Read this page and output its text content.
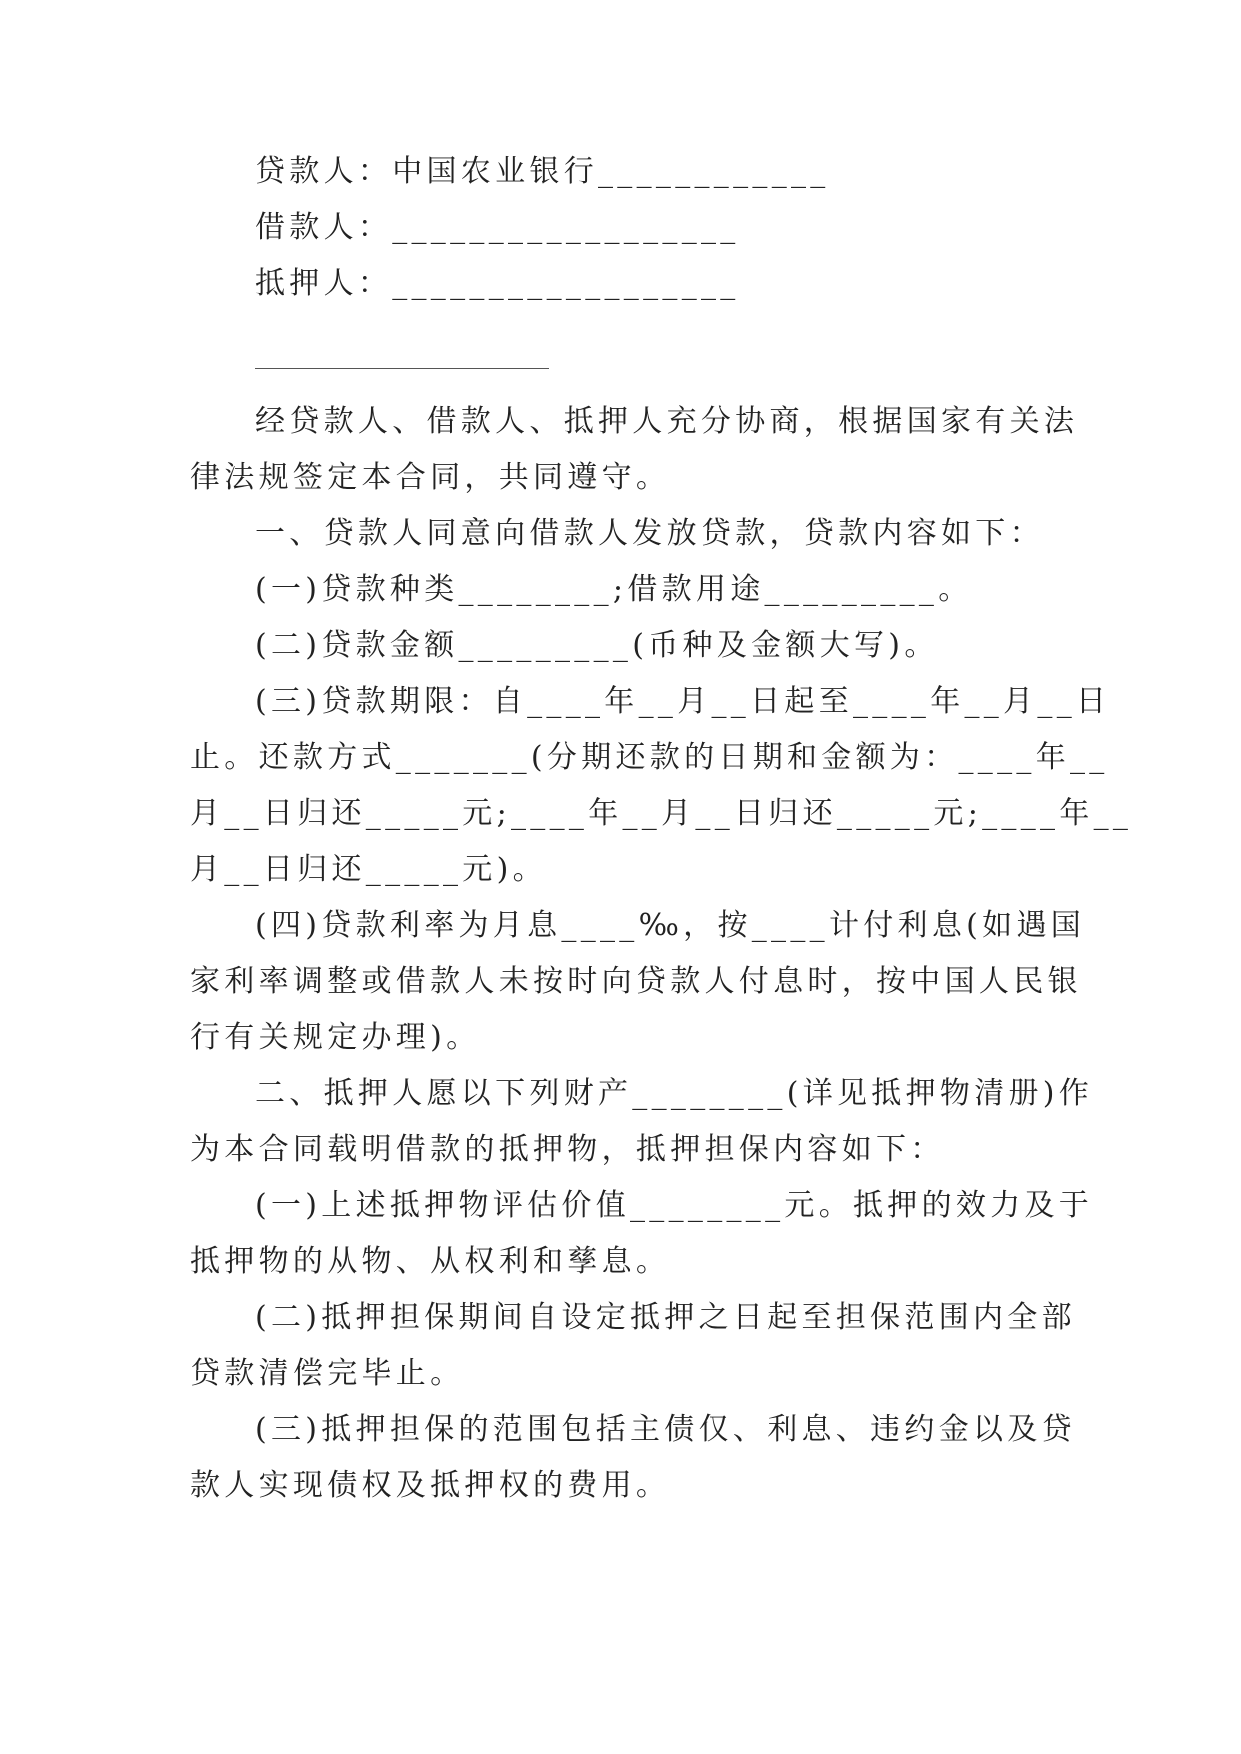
贷款人：中国农业银行____________
借款人：__________________
抵押人：__________________
经贷款人、借款人、抵押人充分协商，根据国家有关法
律法规签定本合同，共同遵守。
一、贷款人同意向借款人发放贷款，贷款内容如下：
(一)贷款种类________;借款用途_________。
(二)贷款金额_________(币种及金额大写)。
(三)贷款期限：自____年__月__日起至____年__月__日
止。还款方式_______(分期还款的日期和金额为：____年__
月__日归还_____元;____年__月__日归还_____元;____年__
月__日归还_____元)。
(四)贷款利率为月息____‰，按____计付利息(如遇国
家利率调整或借款人未按时向贷款人付息时，按中国人民银
行有关规定办理)。
二、抵押人愿以下列财产________(详见抵押物清册)作
为本合同载明借款的抵押物，抵押担保内容如下：
(一)上述抵押物评估价值________元。抵押的效力及于
抵押物的从物、从权利和孳息。
(二)抵押担保期间自设定抵押之日起至担保范围内全部
贷款清偿完毕止。
(三)抵押担保的范围包括主债仅、利息、违约金以及贷
款人实现债权及抵押权的费用。
